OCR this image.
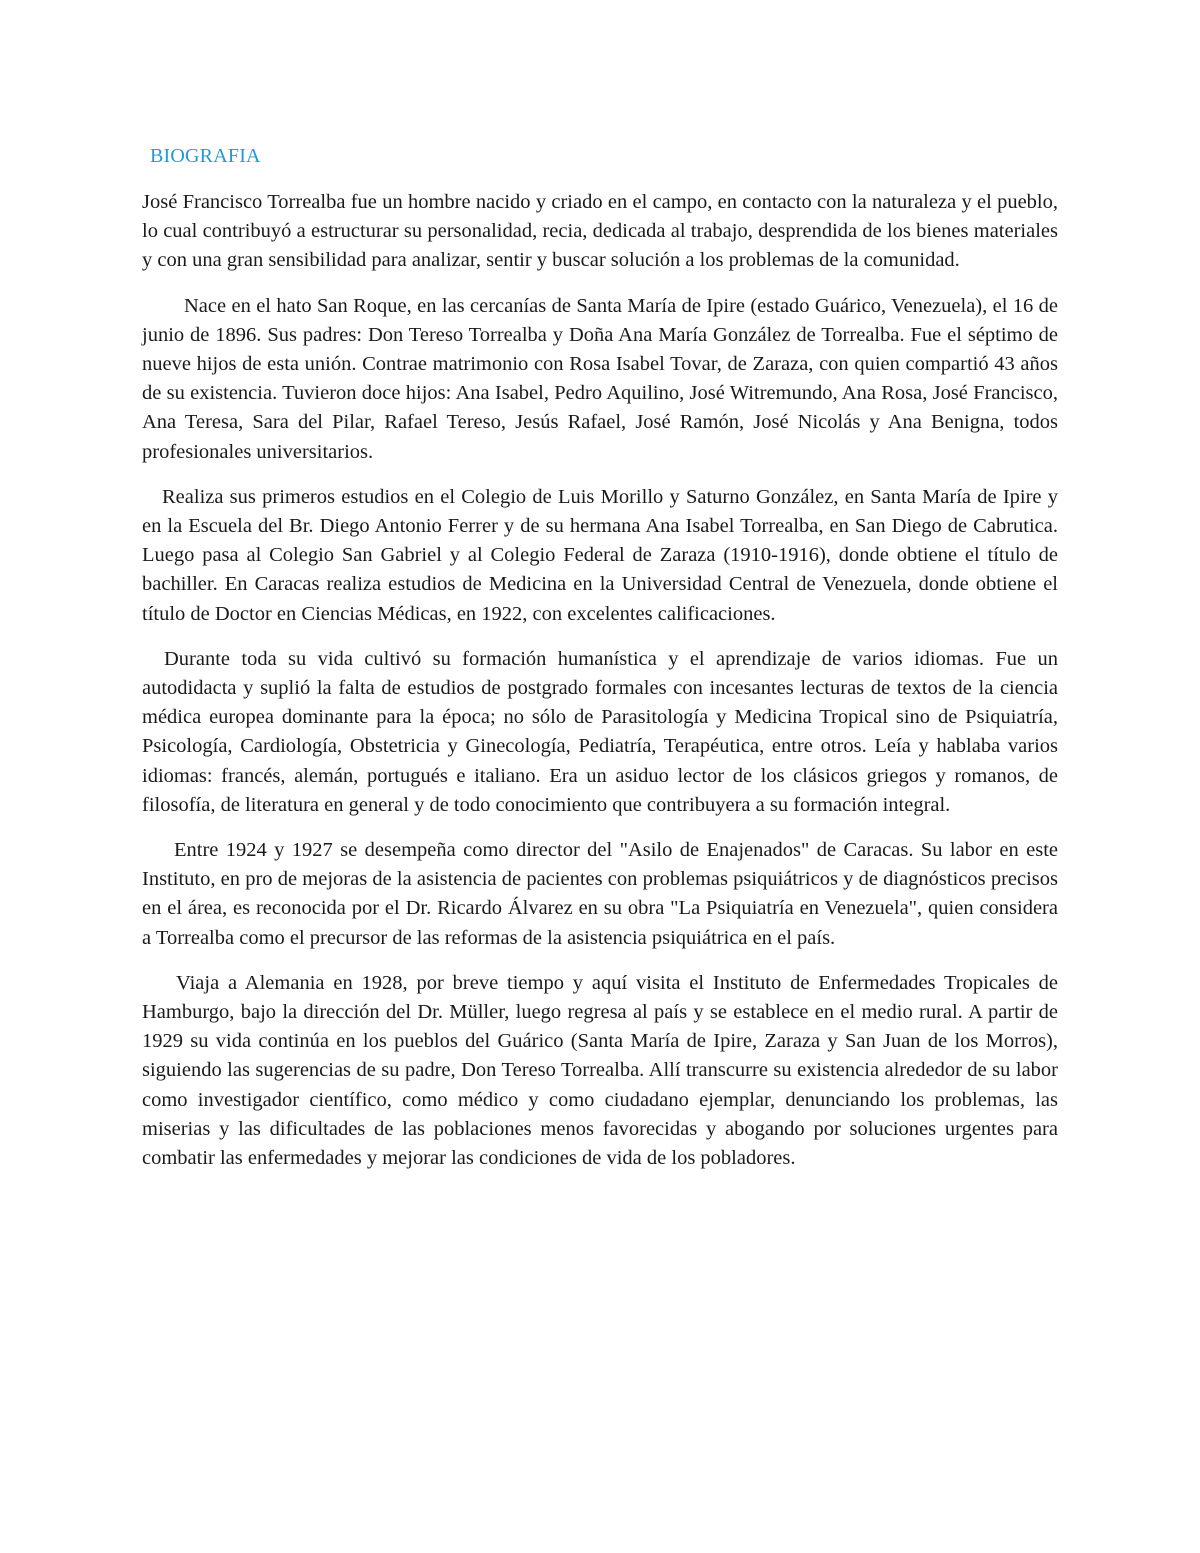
BIOGRAFIA

José Francisco Torrealba fue un hombre nacido y criado en el campo, en contacto con la naturaleza y el pueblo, lo cual contribuyó a estructurar su personalidad, recia, dedicada al trabajo, desprendida de los bienes materiales y con una gran sensibilidad para analizar, sentir y buscar solución a los problemas de la comunidad.

Nace en el hato San Roque, en las cercanías de Santa María de Ipire (estado Guárico, Venezuela), el 16 de junio de 1896. Sus padres: Don Tereso Torrealba y Doña Ana María González de Torrealba. Fue el séptimo de nueve hijos de esta unión. Contrae matrimonio con Rosa Isabel Tovar, de Zaraza, con quien compartió 43 años de su existencia. Tuvieron doce hijos: Ana Isabel, Pedro Aquilino, José Witremundo, Ana Rosa, José Francisco, Ana Teresa, Sara del Pilar, Rafael Tereso, Jesús Rafael, José Ramón, José Nicolás y Ana Benigna, todos profesionales universitarios.

Realiza sus primeros estudios en el Colegio de Luis Morillo y Saturno González, en Santa María de Ipire y en la Escuela del Br. Diego Antonio Ferrer y de su hermana Ana Isabel Torrealba, en San Diego de Cabrutica. Luego pasa al Colegio San Gabriel y al Colegio Federal de Zaraza (1910-1916), donde obtiene el título de bachiller. En Caracas realiza estudios de Medicina en la Universidad Central de Venezuela, donde obtiene el título de Doctor en Ciencias Médicas, en 1922, con excelentes calificaciones.

Durante toda su vida cultivó su formación humanística y el aprendizaje de varios idiomas. Fue un autodidacta y suplió la falta de estudios de postgrado formales con incesantes lecturas de textos de la ciencia médica europea dominante para la época; no sólo de Parasitología y Medicina Tropical sino de Psiquiatría, Psicología, Cardiología, Obstetricia y Ginecología, Pediatría, Terapéutica, entre otros. Leía y hablaba varios idiomas: francés, alemán, portugués e italiano. Era un asiduo lector de los clásicos griegos y romanos, de filosofía, de literatura en general y de todo conocimiento que contribuyera a su formación integral.

Entre 1924 y 1927 se desempeña como director del "Asilo de Enajenados" de Caracas. Su labor en este Instituto, en pro de mejoras de la asistencia de pacientes con problemas psiquiátricos y de diagnósticos precisos en el área, es reconocida por el Dr. Ricardo Álvarez en su obra "La Psiquiatría en Venezuela", quien considera a Torrealba como el precursor de las reformas de la asistencia psiquiátrica en el país.

Viaja a Alemania en 1928, por breve tiempo y aquí visita el Instituto de Enfermedades Tropicales de Hamburgo, bajo la dirección del Dr. Müller, luego regresa al país y se establece en el medio rural. A partir de 1929 su vida continúa en los pueblos del Guárico (Santa María de Ipire, Zaraza y San Juan de los Morros), siguiendo las sugerencias de su padre, Don Tereso Torrealba. Allí transcurre su existencia alrededor de su labor como investigador científico, como médico y como ciudadano ejemplar, denunciando los problemas, las miserias y las dificultades de las poblaciones menos favorecidas y abogando por soluciones urgentes para combatir las enfermedades y mejorar las condiciones de vida de los pobladores.
